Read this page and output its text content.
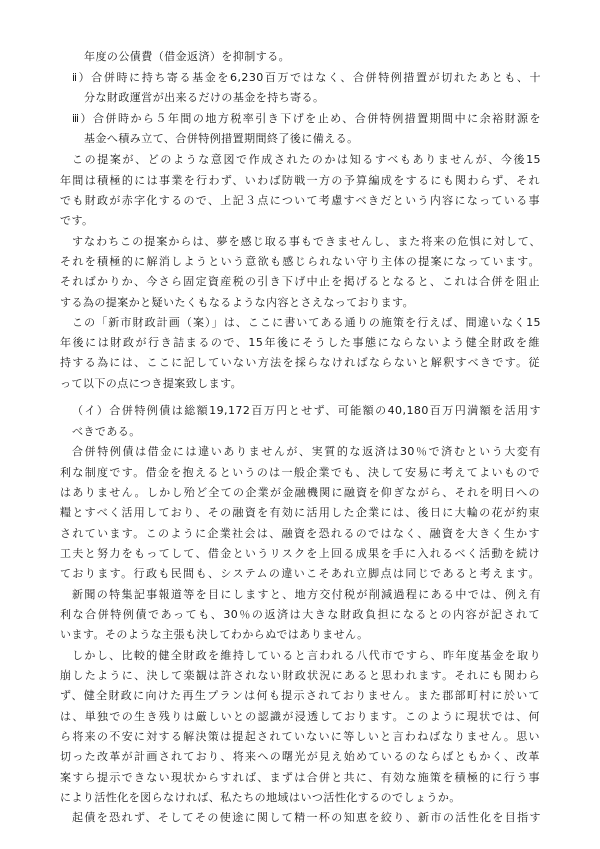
年度の公債費（借金返済）を抑制する。
ⅱ）合併時に持ち寄る基金を6,230百万ではなく、合併特例措置が切れたあとも、十
分な財政運営が出来るだけの基金を持ち寄る。
ⅲ）合併時から５年間の地方税率引き下げを止め、合併特例措置期間中に余裕財源を
基金へ積み立て、合併特例措置期間終了後に備える。
この提案が、どのような意図で作成されたのかは知るすべもありませんが、今後15
年間は積極的には事業を行わず、いわば防戦一方の予算編成をするにも関わらず、それ
でも財政が赤字化するので、上記３点について考慮すべきだという内容になっている事
です。
すなわちこの提案からは、夢を感じ取る事もできませんし、また将来の危惧に対して、
それを積極的に解消しようという意欲も感じられない守り主体の提案になっています。
そればかりか、今さら固定資産税の引き下げ中止を掲げるとなると、これは合併を阻止
する為の提案かと疑いたくもなるような内容とさえなっております。
この「新市財政計画（案）」は、ここに書いてある通りの施策を行えば、間違いなく15
年後には財政が行き詰まるので、15年後にそうした事態にならないよう健全財政を維
持する為には、ここに記していない方法を採らなければならないと解釈すべきです。従
って以下の点につき提案致します。
（イ）合併特例債は総額19,172百万円とせず、可能額の40,180百万円満額を活用す
べきである。
合併特例債は借金には違いありませんが、実質的な返済は30％で済むという大変有
利な制度です。借金を抱えるというのは一般企業でも、決して安易に考えてよいもので
はありません。しかし殆ど全ての企業が金融機関に融資を仰ぎながら、それを明日への
糧とすべく活用しており、その融資を有効に活用した企業には、後日に大輪の花が約束
されています。このように企業社会は、融資を恐れるのではなく、融資を大きく生かす
工夫と努力をもってして、借金というリスクを上回る成果を手に入れるべく活動を続け
ております。行政も民間も、システムの違いこそあれ立脚点は同じであると考えます。
新聞の特集記事報道等を目にしますと、地方交付税が削減過程にある中では、例え有
利な合併特例債であっても、30％の返済は大きな財政負担になるとの内容が記されて
います。そのような主張も決してわからぬではありません。
しかし、比較的健全財政を維持していると言われる八代市ですら、昨年度基金を取り
崩したように、決して楽観は許されない財政状況にあると思われます。それにも関わら
ず、健全財政に向けた再生プランは何も提示されておりません。また郡部町村に於いて
は、単独での生き残りは厳しいとの認識が浸透しております。このように現状では、何
ら将来の不安に対する解決策は提起されていないに等しいと言わねばなりません。思い
切った改革が計画されており、将来への曙光が見え始めているのならばともかく、改革
案すら提示できない現状からすれば、まずは合併と共に、有効な施策を積極的に行う事
により活性化を図らなければ、私たちの地域はいつ活性化するのでしょうか。
起債を恐れず、そしてその使途に関して精一杯の知恵を絞り、新市の活性化を目指す
